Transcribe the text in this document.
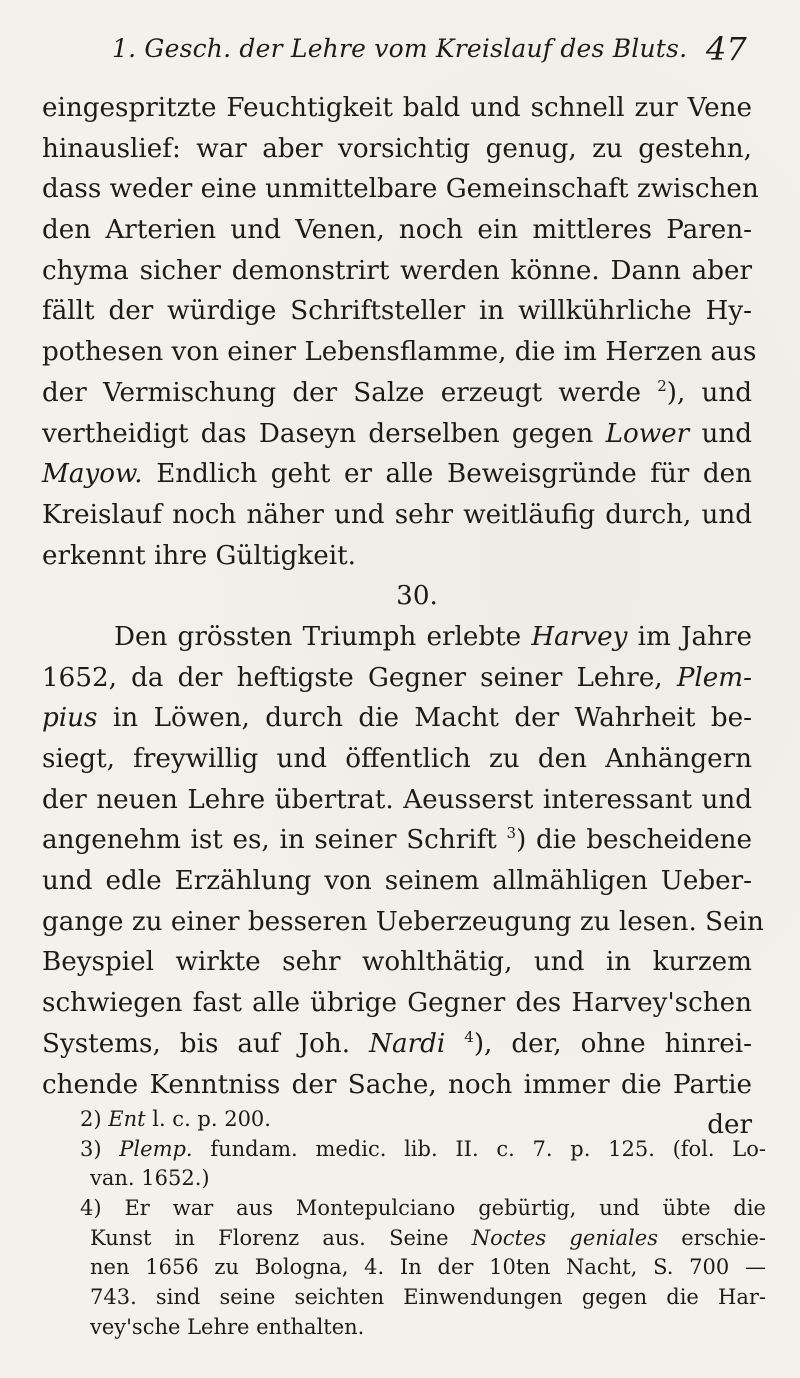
1. Gesch. der Lehre vom Kreislauf des Bluts. 47
eingespritzte Feuchtigkeit bald und schnell zur Vene
hinauslief: war aber vorsichtig genug, zu gestehn,
dass weder eine unmittelbare Gemeinschaft zwischen
den Arterien und Venen, noch ein mittleres Paren-
chyma sicher demonstrirt werden könne. Dann aber
fällt der würdige Schriftsteller in willkührliche Hy-
pothesen von einer Lebensflamme, die im Herzen aus
der Vermischung der Salze erzeugt werde $^2$), und
vertheidigt das Daseyn derselben gegen Lower und
Mayow. Endlich geht er alle Beweisgründe für den
Kreislauf noch näher und sehr weitläufig durch, und
erkennt ihre Gültigkeit.
30.
Den grössten Triumph erlebte Harvey im Jahre
1652, da der heftigste Gegner seiner Lehre, Plem-
pius in Löwen, durch die Macht der Wahrheit be-
siegt, freywillig und öffentlich zu den Anhängern
der neuen Lehre übertrat. Aeusserst interessant und
angenehm ist es, in seiner Schrift $^3$) die bescheidene
und edle Erzählung von seinem allmähligen Ueber-
gange zu einer besseren Ueberzeugung zu lesen. Sein
Beyspiel wirkte sehr wohlthätig, und in kurzem
schwiegen fast alle übrige Gegner des Harvey'schen
Systems, bis auf Joh. Nardi $^4$), der, ohne hinrei-
chende Kenntniss der Sache, noch immer die Partie
der
2) Ent l. c. p. 200.
3) Plemp. fundam. medic. lib. II. c. 7. p. 125. (fol. Lo-
van. 1652.)
4) Er war aus Montepulciano gebürtig, und übte die
Kunst in Florenz aus. Seine Noctes geniales erschie-
nen 1656 zu Bologna, 4. In der 10ten Nacht, S. 700 —
743. sind seine seichten Einwendungen gegen die Har-
vey'sche Lehre enthalten.
